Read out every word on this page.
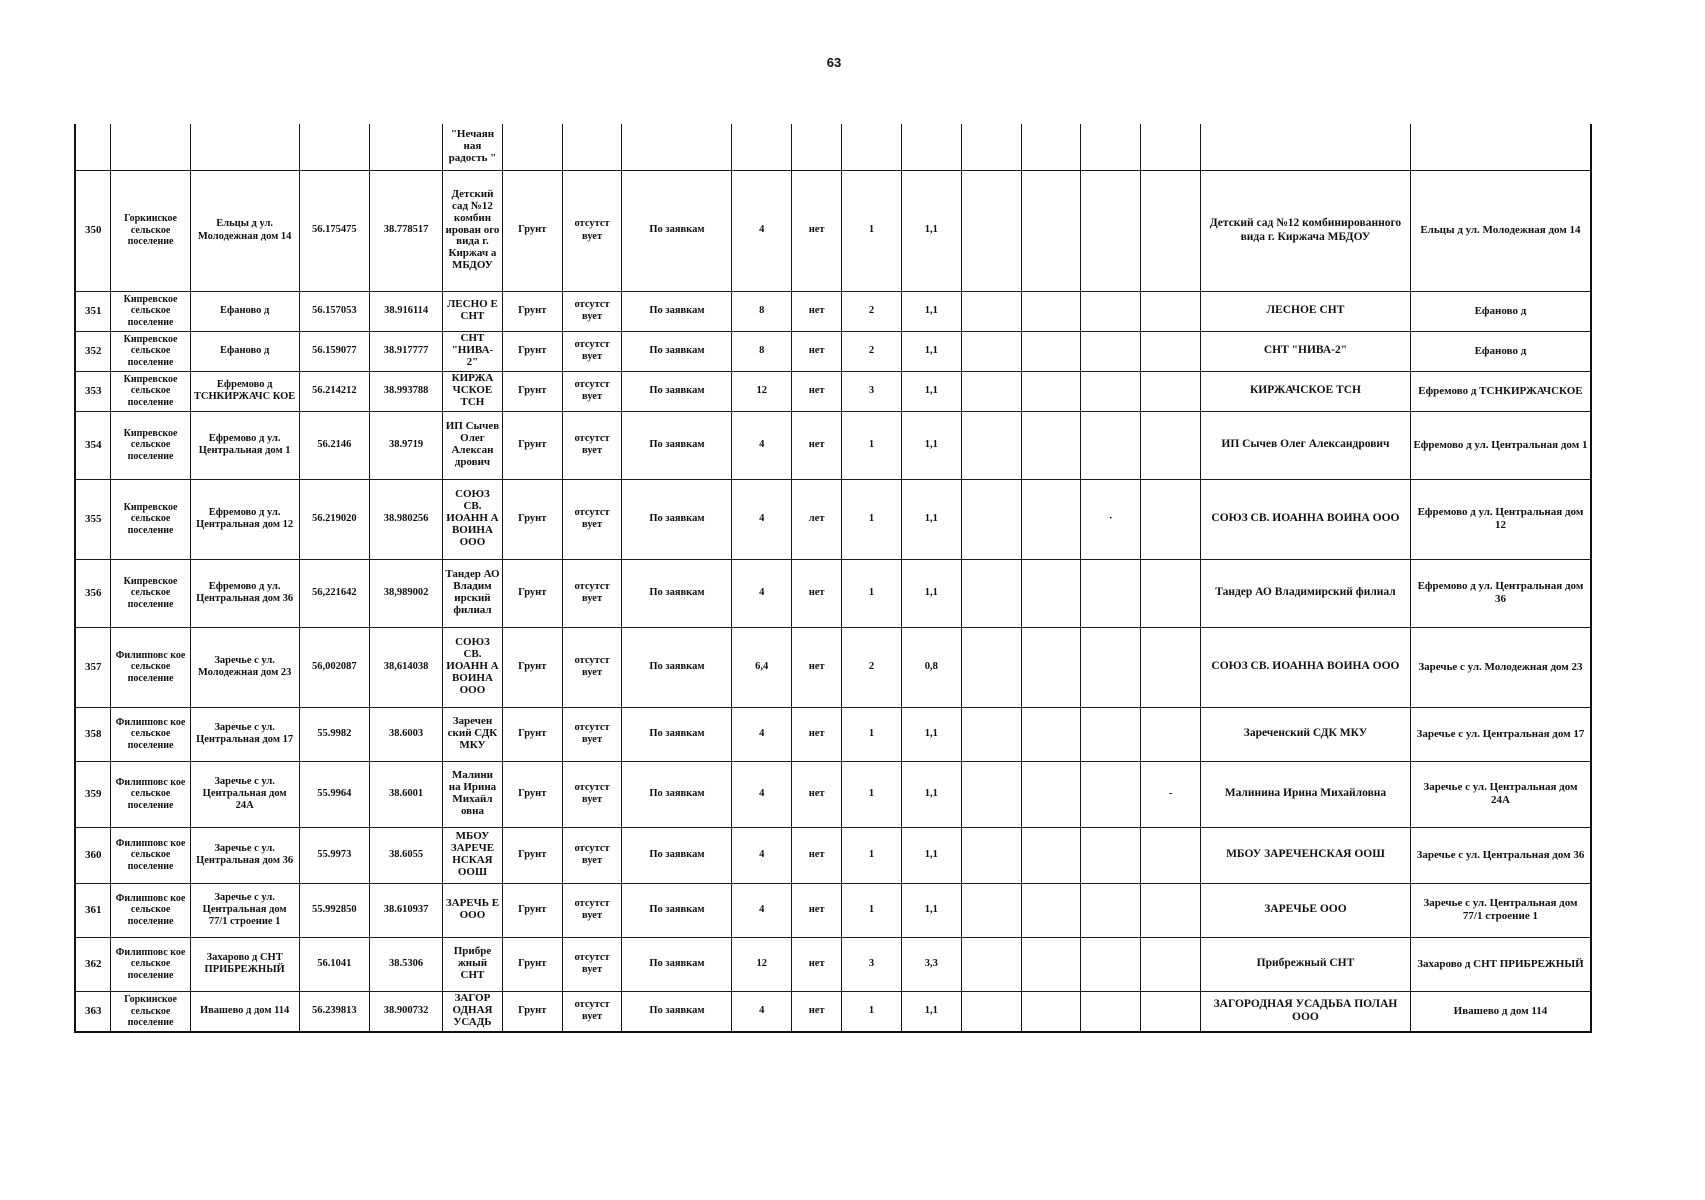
63
					"Нечаян ная радость "													
350	Горкинское сельское поселение	Ельцы д ул. Молодежная дом 14	56.175475	38.778517	Детский сад №12 комбин ирован ого вида г. Киржач а МБДОУ	Грунт	отсутст вует	По заявкам	4	нет	1	1,1					Детский сад №12 комбинированного вида г. Киржача МБДОУ	Ельцы д ул. Молодежная дом 14
351	Кипревское сельское поселение	Ефаново д	56.157053	38.916114	ЛЕСНО Е СНТ	Грунт	отсутст вует	По заявкам	8	нет	2	1,1					ЛЕСНОЕ СНТ	Ефаново д
352	Кипревское сельское поселение	Ефаново д	56.159077	38.917777	СНТ "НИВА- 2"	Грунт	отсутст вует	По заявкам	8	нет	2	1,1					СНТ "НИВА-2"	Ефаново д
353	Кипревское сельское поселение	Ефремово д ТСНКИРЖАЧС КОЕ	56.214212	38.993788	КИРЖА ЧСКОЕ ТСН	Грунт	отсутст вует	По заявкам	12	нет	3	1,1					КИРЖАЧСКОЕ ТСН	Ефремово д ТСНКИРЖАЧСКОЕ
354	Кипревское сельское поселение	Ефремово д ул. Центральная дом 1	56.2146	38.9719	ИП Сычев Олег Алексан дрович	Грунт	отсутст вует	По заявкам	4	нет	1	1,1					ИП Сычев Олег Александрович	Ефремово д ул. Центральная дом 1
355	Кипревское сельское поселение	Ефремово д ул. Центральная дом 12	56.219020	38.980256	СОЮЗ СВ. ИОАНН А ВОИНА ООО	Грунт	отсутст вует	По заявкам	4	лет	1	1,1			·		СОЮЗ СВ. ИОАННА ВОИНА ООО	Ефремово д ул. Центральная дом 12
356	Кипревское сельское поселение	Ефремово д ул. Центральная дом 36	56,221642	38,989002	Тандер АО Владим ирский филиал	Грунт	отсутст вует	По заявкам	4	нет	1	1,1					Тандер АО Владимирский филиал	Ефремово д ул. Центральная дом 36
357	Филипповс кое сельское поселение	Заречье с ул. Молодежная дом 23	56,002087	38,614038	СОЮЗ СВ. ИОАНН А ВОИНА ООО	Грунт	отсутст вует	По заявкам	6,4	нет	2	0,8					СОЮЗ СВ. ИОАННА ВОИНА ООО	Заречье с ул. Молодежная дом 23
358	Филипповс кое сельское поселение	Заречье с ул. Центральная дом 17	55.9982	38.6003	Заречен ский СДК МКУ	Грунт	отсутст вует	По заявкам	4	нет	1	1,1					Зареченский СДК МКУ	Заречье с ул. Центральная дом 17
359	Филипповс кое сельское поселение	Заречье с ул. Центральная дом 24А	55.9964	38.6001	Малини на Ирина Михайл овна	Грунт	отсутст вует	По заявкам	4	нет	1	1,1				-	Малинина Ирина Михайловна	Заречье с ул. Центральная дом 24А
360	Филипповс кое сельское поселение	Заречье с ул. Центральная дом 36	55.9973	38.6055	МБОУ ЗАРЕЧЕ НСКАЯ ООШ	Грунт	отсутст вует	По заявкам	4	нет	1	1,1					МБОУ ЗАРЕЧЕНСКАЯ ООШ	Заречье с ул. Центральная дом 36
361	Филипповс кое сельское поселение	Заречье с ул. Центральная дом 77/1 строение 1	55.992850	38.610937	ЗАРЕЧЬ Е ООО	Грунт	отсутст вует	По заявкам	4	нет	1	1,1					ЗАРЕЧЬЕ ООО	Заречье с ул. Центральная дом 77/1 строение 1
362	Филипповс кое сельское поселение	Захарово д СНТ ПРИБРЕЖНЫЙ	56.1041	38.5306	Прибре жный СНТ	Грунт	отсутст вует	По заявкам	12	нет	3	3,3					Прибрежный СНТ	Захарово д СНТ ПРИБРЕЖНЫЙ
363	Горкинское сельское поселение	Ивашево д дом 114	56.239813	38.900732	ЗАГОР ОДНАЯ УСАДЬ	Грунт	отсутст вует	По заявкам	4	нет	1	1,1					ЗАГОРОДНАЯ УСАДЬБА ПОЛАН ООО	Ивашево д дом 114
